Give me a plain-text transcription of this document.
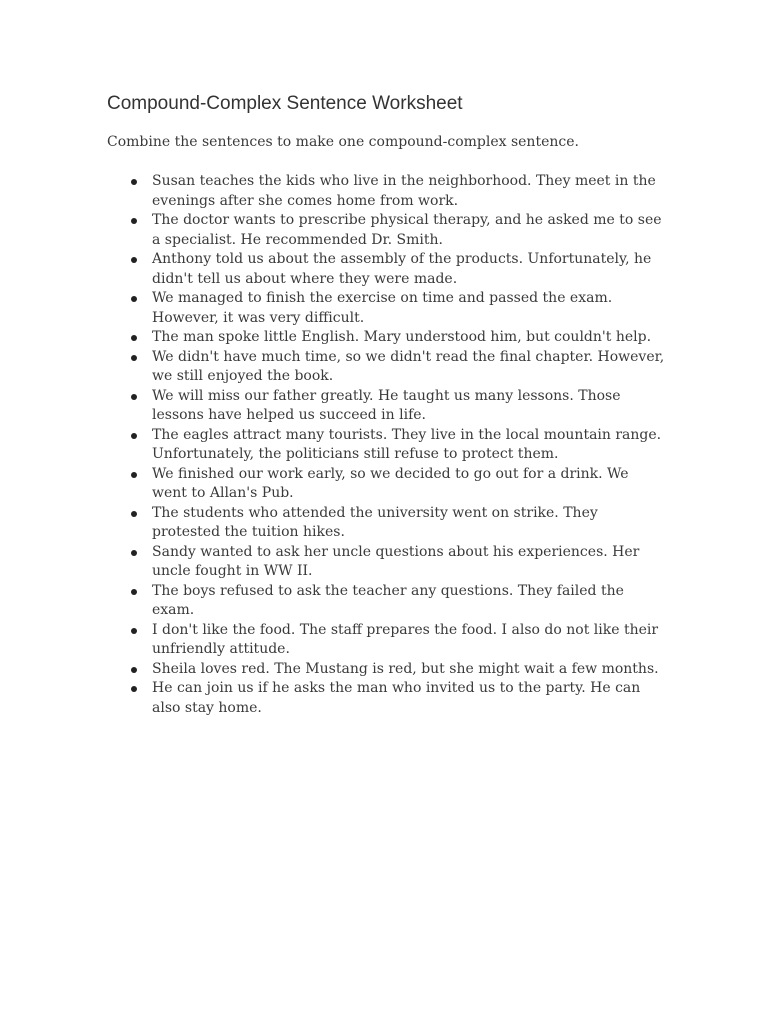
Compound-Complex Sentence Worksheet

Combine the sentences to make one compound-complex sentence.

Susan teaches the kids who live in the neighborhood. They meet in the evenings after she comes home from work.
The doctor wants to prescribe physical therapy, and he asked me to see a specialist. He recommended Dr. Smith.
Anthony told us about the assembly of the products. Unfortunately, he didn't tell us about where they were made.
We managed to finish the exercise on time and passed the exam. However, it was very difficult.
The man spoke little English. Mary understood him, but couldn't help.
We didn't have much time, so we didn't read the final chapter. However, we still enjoyed the book.
We will miss our father greatly. He taught us many lessons. Those lessons have helped us succeed in life.
The eagles attract many tourists. They live in the local mountain range. Unfortunately, the politicians still refuse to protect them.
We finished our work early, so we decided to go out for a drink. We went to Allan's Pub.
The students who attended the university went on strike. They protested the tuition hikes.
Sandy wanted to ask her uncle questions about his experiences. Her uncle fought in WW II.
The boys refused to ask the teacher any questions. They failed the exam.
I don't like the food. The staff prepares the food. I also do not like their unfriendly attitude.
Sheila loves red. The Mustang is red, but she might wait a few months.
He can join us if he asks the man who invited us to the party. He can also stay home.
